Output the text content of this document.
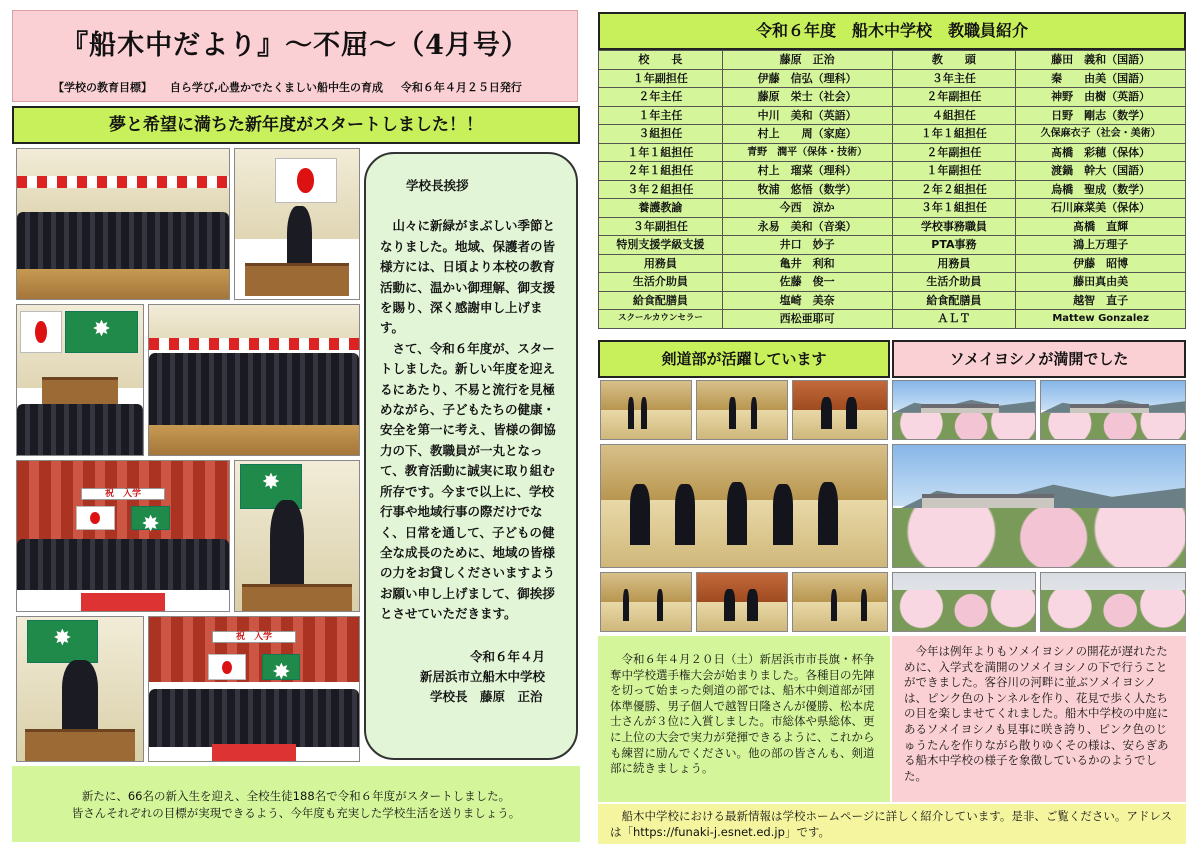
『船木中だより』～不屈～（4月号）
【学校の教育目標】 自ら学び,心豊かでたくましい船中生の育成 令和６年４月２５日発行
夢と希望に満ちた新年度がスタートしました！！
✸
祝　入学
✸
✸
✸
祝　入学
✸
学校長挨拶

山々に新緑がまぶしい季節となりました。地域、保護者の皆様方には、日頃より本校の教育活動に、温かい御理解、御支援を賜り、深く感謝申し上げます。

さて、令和６年度が、スタートしました。新しい年度を迎えるにあたり、不易と流行を見極めながら、子どもたちの健康・安全を第一に考え、皆様の御協力の下、教職員が一丸となって、教育活動に誠実に取り組む所存です。今まで以上に、学校行事や地域行事の際だけでなく、日常を通して、子どもの健全な成長のために、地域の皆様の力をお貸しくださいますようお願い申し上げまして、御挨拶とさせていただきます。

令和６年４月
新居浜市立船木中学校
学校長　藤原　正治
新たに、66名の新入生を迎え、全校生徒188名で令和６年度がスタートしました。
皆さんそれぞれの目標が実現できるよう、今年度も充実した学校生活を送りましょう。
令和６年度　船木中学校　教職員紹介
校　　長	藤原　正治	教　　頭	藤田　義和（国語）
１年副担任	伊藤　信弘（理科）	３年主任	秦　　由美（国語）
２年主任	藤原　栄士（社会）	２年副担任	神野　由樹（英語）
１年主任	中川　美和（英語）	４組担任	日野　剛志（数学）
３組担任	村上　　周（家庭）	１年１組担任	久保麻衣子（社会・美術）
１年１組担任	青野　潤平（保体・技術）	２年副担任	髙橋　彩穂（保体）
２年１組担任	村上　瑠菜（理科）	１年副担任	渡鍋　幹大（国語）
３年２組担任	牧浦　悠悟（数学）	２年２組担任	烏橋　聖成（数学）
養護教諭	今西　涼か	３年１組担任	石川麻菜美（保体）
３年副担任	永易　美和（音楽）	学校事務職員	髙橋　直輝
特別支援学級支援	井口　妙子	PTA事務	鴻上万理子
用務員	亀井　利和	用務員	伊藤　昭博
生活介助員	佐藤　俊一	生活介助員	藤田真由美
給食配膳員	塩崎　美奈	給食配膳員	越智　直子
スクールカウンセラー	西松亜耶可	ＡＬＴ	Mattew Gonzalez
剣道部が活躍しています	ソメイヨシノが満開でした
令和６年４月２０日（土）新居浜市市長旗・杯争奪中学校選手権大会が始まりました。各種目の先陣を切って始まった剣道の部では、船木中剣道部が団体準優勝、男子個人で越智日隆さんが優勝、松本虎士さんが３位に入賞しました。市総体や県総体、更に上位の大会で実力が発揮できるように、これからも練習に励んでください。他の部の皆さんも、剣道部に続きましょう。
今年は例年よりもソメイヨシノの開花が遅れたために、入学式を満開のソメイヨシノの下で行うことができました。客谷川の河畔に並ぶソメイヨシノは、ピンク色のトンネルを作り、花見で歩く人たちの目を楽しませてくれました。船木中学校の中庭にあるソメイヨシノも見事に咲き誇り、ピンク色のじゅうたんを作りながら散りゆくその様は、安らぎある船木中学校の様子を象徴しているかのようでした。
船木中学校における最新情報は学校ホームページに詳しく紹介しています。是非、ご覧ください。アドレスは「https://funaki-j.esnet.ed.jp」です。
